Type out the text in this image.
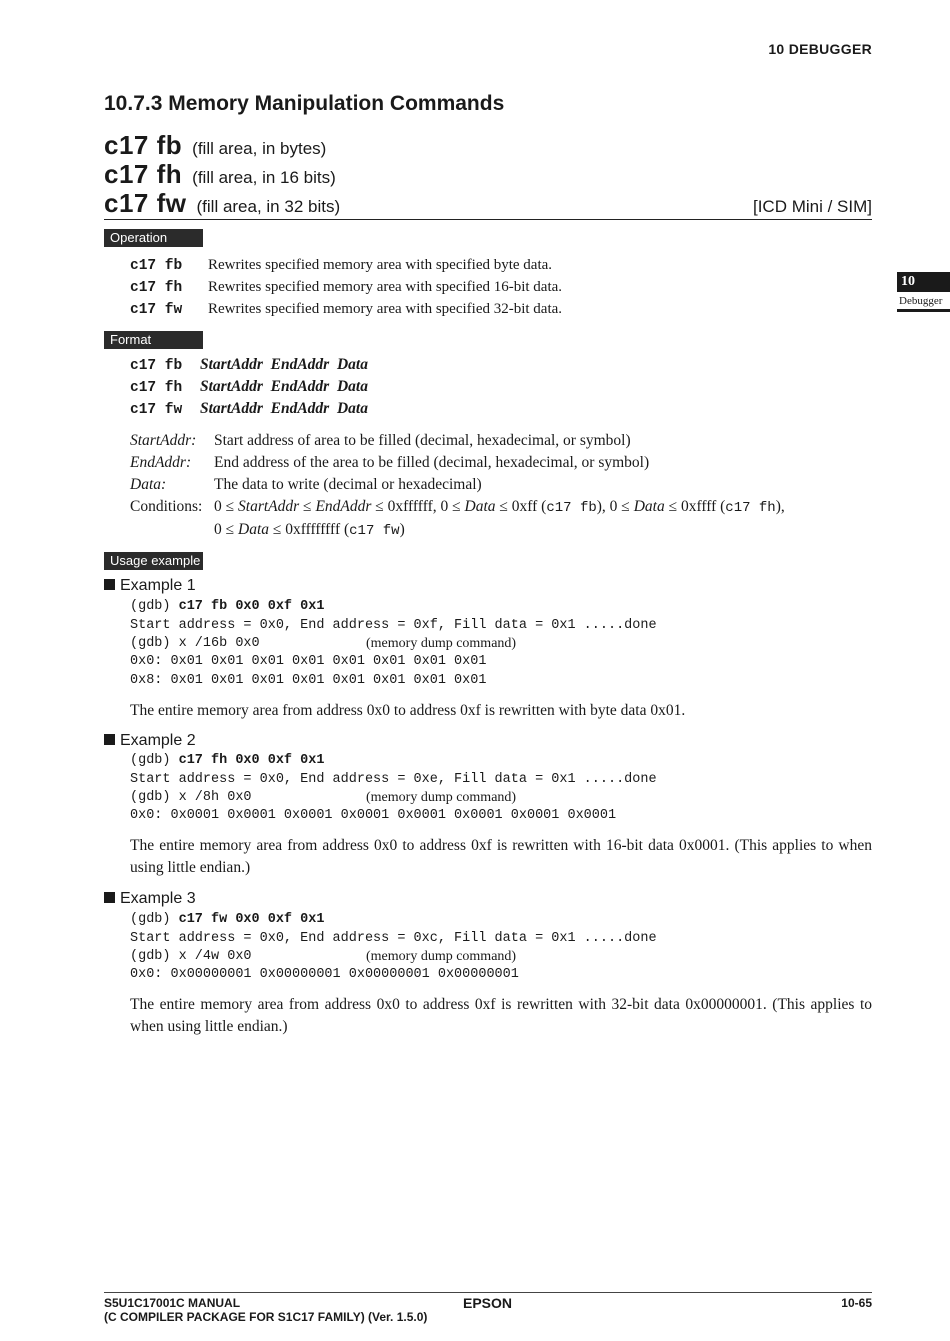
10 DEBUGGER
10.7.3 Memory Manipulation Commands
c17 fb (fill area, in bytes)
c17 fh (fill area, in 16 bits)
c17 fw (fill area, in 32 bits)	[ICD Mini / SIM]
Operation
c17 fb Rewrites specified memory area with specified byte data.
c17 fh Rewrites specified memory area with specified 16-bit data.
c17 fw Rewrites specified memory area with specified 32-bit data.
Format
c17 fb StartAddr  EndAddr  Data
c17 fh StartAddr  EndAddr  Data
c17 fw StartAddr  EndAddr  Data
StartAddr: Start address of area to be filled (decimal, hexadecimal, or symbol)
EndAddr: End address of the area to be filled (decimal, hexadecimal, or symbol)
Data:	The data to write (decimal or hexadecimal)
Conditions: 0 ≤ StartAddr ≤ EndAddr ≤ 0xffffff, 0 ≤ Data ≤ 0xff (c17 fb), 0 ≤ Data ≤ 0xffff (c17 fh),
0 ≤ Data ≤ 0xffffffff (c17 fw)
Usage example
Example 1
(gdb) c17 fb 0x0 0xf 0x1
Start address = 0x0, End address = 0xf, Fill data = 0x1 .....done
(gdb) x /16b 0x0	(memory dump command)
0x0: 0x01 0x01 0x01 0x01 0x01 0x01 0x01 0x01
0x8: 0x01 0x01 0x01 0x01 0x01 0x01 0x01 0x01
The entire memory area from address 0x0 to address 0xf is rewritten with byte data 0x01.
Example 2
(gdb) c17 fh 0x0 0xf 0x1
Start address = 0x0, End address = 0xe, Fill data = 0x1 .....done
(gdb) x /8h 0x0	(memory dump command)
0x0: 0x0001 0x0001 0x0001 0x0001 0x0001 0x0001 0x0001 0x0001
The entire memory area from address 0x0 to address 0xf is rewritten with 16-bit data 0x0001. (This applies to when using little endian.)
Example 3
(gdb) c17 fw 0x0 0xf 0x1
Start address = 0x0, End address = 0xc, Fill data = 0x1 .....done
(gdb) x /4w 0x0	(memory dump command)
0x0: 0x00000001 0x00000001 0x00000001 0x00000001
The entire memory area from address 0x0 to address 0xf is rewritten with 32-bit data 0x00000001. (This applies to when using little endian.)
10
Debugger
S5U1C17001C MANUAL
(C COMPILER PACKAGE FOR S1C17 FAMILY) (Ver. 1.5.0)
EPSON	10-65
